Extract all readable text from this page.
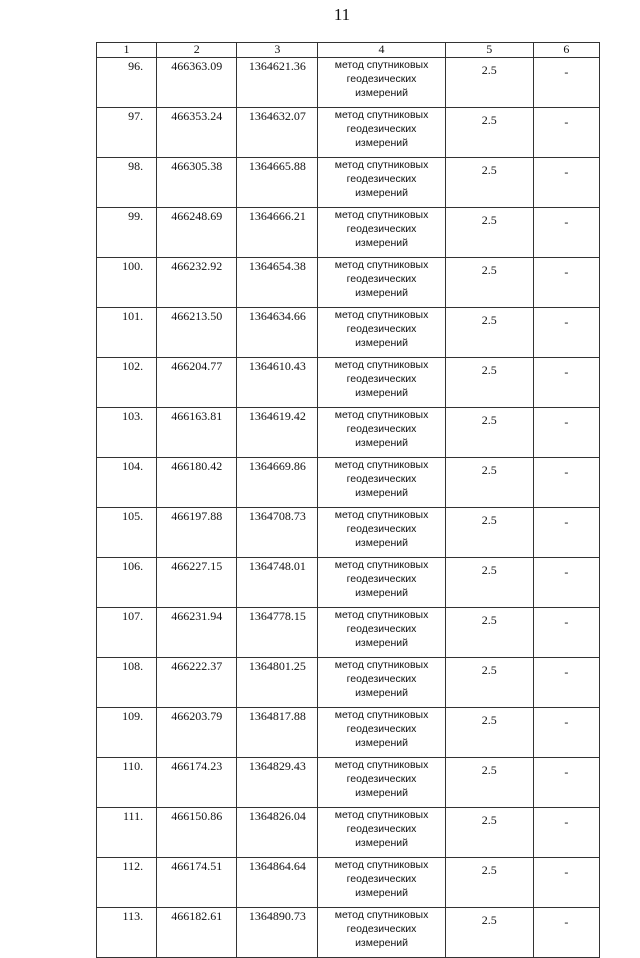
11
1	2	3	4	5	6
96.	466363.09	1364621.36	метод спутниковых
геодезических
измерений	2.5	-
97.	466353.24	1364632.07	метод спутниковых
геодезических
измерений	2.5	-
98.	466305.38	1364665.88	метод спутниковых
геодезических
измерений	2.5	-
99.	466248.69	1364666.21	метод спутниковых
геодезических
измерений	2.5	-
100.	466232.92	1364654.38	метод спутниковых
геодезических
измерений	2.5	-
101.	466213.50	1364634.66	метод спутниковых
геодезических
измерений	2.5	-
102.	466204.77	1364610.43	метод спутниковых
геодезических
измерений	2.5	-
103.	466163.81	1364619.42	метод спутниковых
геодезических
измерений	2.5	-
104.	466180.42	1364669.86	метод спутниковых
геодезических
измерений	2.5	-
105.	466197.88	1364708.73	метод спутниковых
геодезических
измерений	2.5	-
106.	466227.15	1364748.01	метод спутниковых
геодезических
измерений	2.5	-
107.	466231.94	1364778.15	метод спутниковых
геодезических
измерений	2.5	-
108.	466222.37	1364801.25	метод спутниковых
геодезических
измерений	2.5	-
109.	466203.79	1364817.88	метод спутниковых
геодезических
измерений	2.5	-
110.	466174.23	1364829.43	метод спутниковых
геодезических
измерений	2.5	-
111.	466150.86	1364826.04	метод спутниковых
геодезических
измерений	2.5	-
112.	466174.51	1364864.64	метод спутниковых
геодезических
измерений	2.5	-
113.	466182.61	1364890.73	метод спутниковых
геодезических
измерений	2.5	-
